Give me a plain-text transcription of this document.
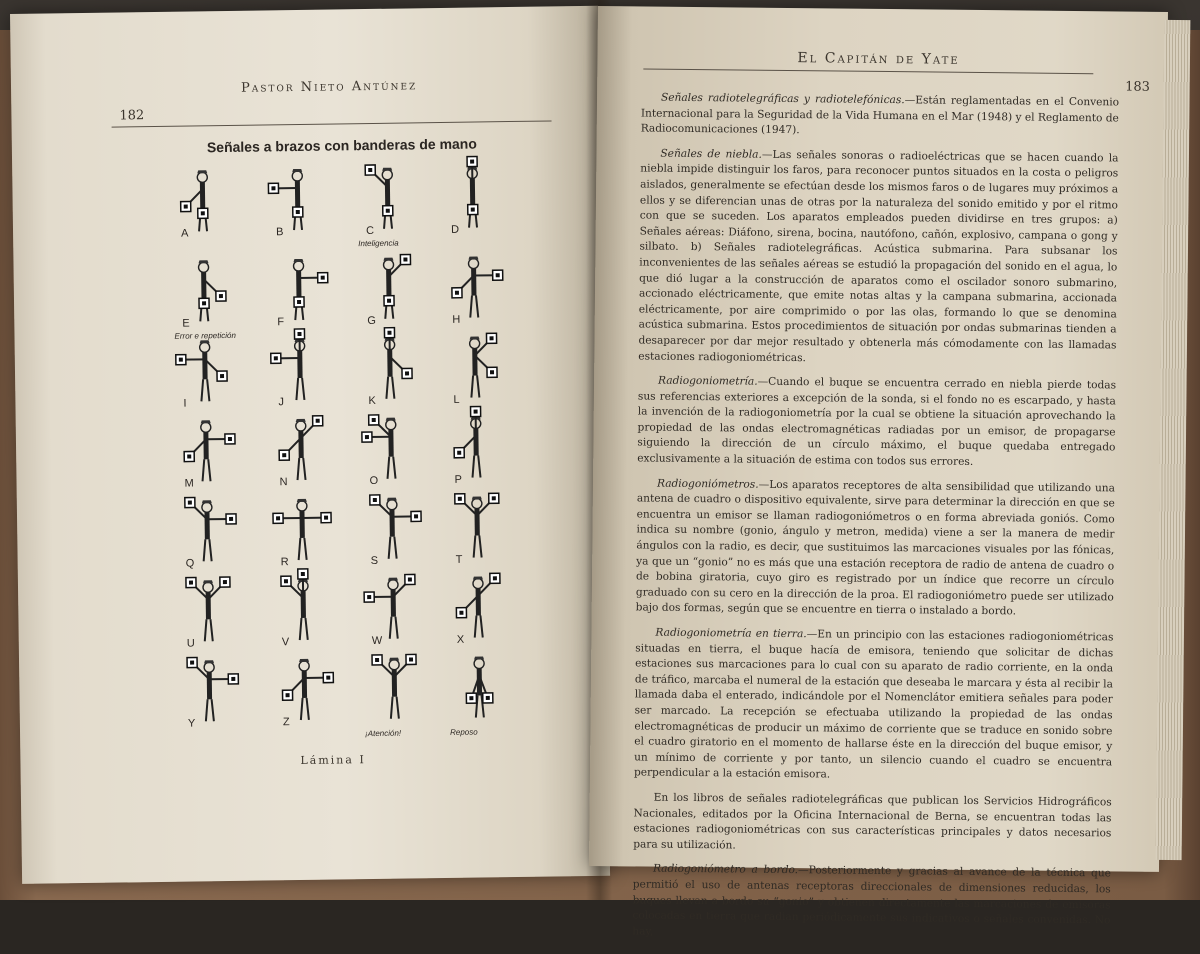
Pastor Nieto Antúnez
182
Señales a brazos con banderas de mano
A	B	C
Inteligencia
D
E
Error e repetición
F	G	H
I	J	K	L
M	N	O	P
Q	R	S	T
U	V	W	X
Y	Z
¡Atención!	Reposo
Lámina I
El Capitán de Yate
183

Señales radiotelegráficas y radiotelefónicas.—Están reglamentadas en el Convenio Internacional para la Seguridad de la Vida Humana en el Mar (1948) y el Reglamento de Radiocomunicaciones (1947).

Señales de niebla.—Las señales sonoras o radioeléctricas que se hacen cuando la niebla impide distinguir los faros, para reconocer puntos situados en la costa o peligros aislados, generalmente se efectúan desde los mismos faros o de lugares muy próximos a ellos y se diferencian unas de otras por la naturaleza del sonido emitido y por el ritmo con que se suceden. Los aparatos empleados pueden dividirse en tres grupos: a) Señales aéreas: Diáfono, sirena, bocina, nautófono, cañón, explosivo, campana o gong y silbato. b) Señales radiotelegráficas. Acústica submarina. Para subsanar los inconvenientes de las señales aéreas se estudió la propagación del sonido en el agua, lo que dió lugar a la construcción de aparatos como el oscilador sonoro submarino, accionado eléctricamente, que emite notas altas y la campana submarina, accionada eléctricamente, por aire comprimido o por las olas, formando lo que se denomina acústica submarina. Estos procedimientos de situación por ondas submarinas tienden a desaparecer por dar mejor resultado y obtenerla más cómodamente con las llamadas estaciones radiogoniométricas.

Radiogoniometría.—Cuando el buque se encuentra cerrado en niebla pierde todas sus referencias exteriores a excepción de la sonda, si el fondo no es escarpado, y hasta la invención de la radiogoniometría por la cual se obtiene la situación aprovechando la propiedad de las ondas electromagnéticas radiadas por un emisor, de propagarse siguiendo la dirección de un círculo máximo, el buque quedaba entregado exclusivamente a la situación de estima con todos sus errores.

Radiogoniómetros.—Los aparatos receptores de alta sensibilidad que utilizando una antena de cuadro o dispositivo equivalente, sirve para determinar la dirección en que se encuentra un emisor se llaman radiogoniómetros o en forma abreviada goniós. Como indica su nombre (gonio, ángulo y metron, medida) viene a ser la manera de medir ángulos con la radio, es decir, que sustituimos las marcaciones visuales por las fónicas, ya que un “gonio” no es más que una estación receptora de radio de antena de cuadro o de bobina giratoria, cuyo giro es registrado por un índice que recorre un círculo graduado con su cero en la dirección de la proa. El radiogoniómetro puede ser utilizado bajo dos formas, según que se encuentre en tierra o instalado a bordo.

Radiogoniometría en tierra.—En un principio con las estaciones radiogoniométricas situadas en tierra, el buque hacía de emisora, teniendo que solicitar de dichas estaciones sus marcaciones para lo cual con su aparato de radio corriente, en la onda de tráfico, marcaba el numeral de la estación que deseaba le marcara y ésta al recibir la llamada daba el enterado, indicándole por el Nomenclátor emitiera señales para poder ser marcado. La recepción se efectuaba utilizando la propiedad de las ondas electromagnéticas de producir un máximo de corriente que se traduce en sonido sobre el cuadro giratorio en el momento de hallarse éste en la dirección del buque emisor, y un mínimo de corriente y por tanto, un silencio cuando el cuadro se encuentra perpendicular a la estación emisora.

En los libros de señales radiotelegráficas que publican los Servicios Hidrográficos Nacionales, editados por la Oficina Internacional de Berna, se encuentran todas las estaciones radiogoniométricas con sus características principales y datos necesarios para su utilización.

Radiogoniómetro a bordo.—Posteriormente y gracias al avance de la técnica que permitió el uso de antenas receptoras direccionales de dimensiones reducidas, los buques llevan a bordo su “gonio” y obtienen directamente las marcaciones de emisoras colocadas en tierra que radian periódicamente sus indicativos o señales convenidas. No hay,
